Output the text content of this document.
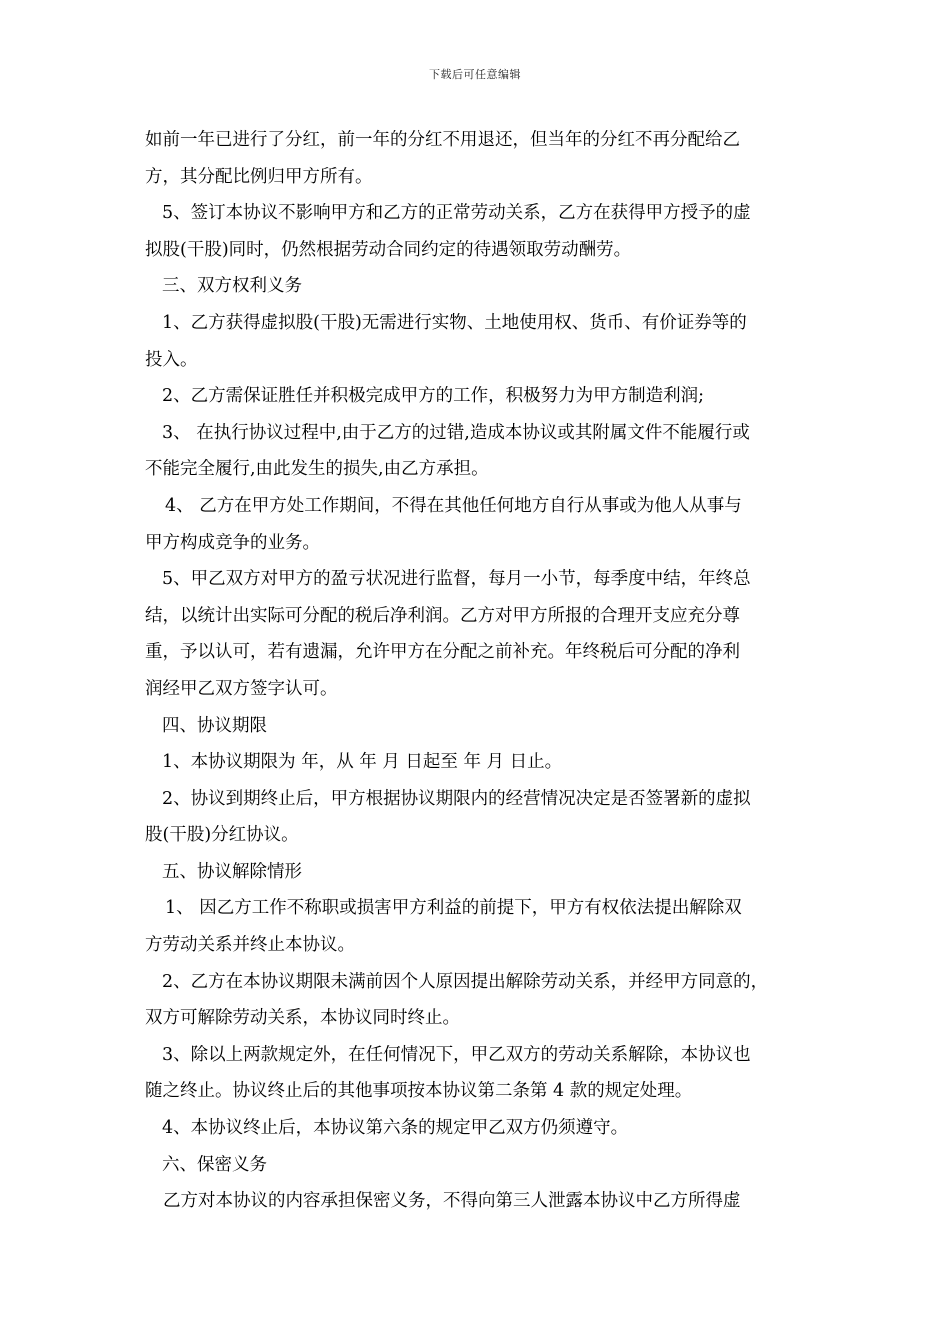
下载后可任意编辑
如前一年已进行了分红，前一年的分红不用退还，但当年的分红不再分配给乙
方，其分配比例归甲方所有。
5、签订本协议不影响甲方和乙方的正常劳动关系，乙方在获得甲方授予的虚
拟股(干股)同时，仍然根据劳动合同约定的待遇领取劳动酬劳。
三、双方权利义务
1、乙方获得虚拟股(干股)无需进行实物、土地使用权、货币、有价证券等的
投入。
2、乙方需保证胜任并积极完成甲方的工作，积极努力为甲方制造利润;
3、 在执行协议过程中,由于乙方的过错,造成本协议或其附属文件不能履行或
不能完全履行,由此发生的损失,由乙方承担。
4、 乙方在甲方处工作期间，不得在其他任何地方自行从事或为他人从事与
甲方构成竞争的业务。
5、甲乙双方对甲方的盈亏状况进行监督，每月一小节，每季度中结，年终总
结，以统计出实际可分配的税后净利润。乙方对甲方所报的合理开支应充分尊
重，予以认可，若有遗漏，允许甲方在分配之前补充。年终税后可分配的净利
润经甲乙双方签字认可。
四、协议期限
1、本协议期限为 年，从 年 月 日起至 年 月 日止。
2、协议到期终止后，甲方根据协议期限内的经营情况决定是否签署新的虚拟
股(干股)分红协议。
五、协议解除情形
1、 因乙方工作不称职或损害甲方利益的前提下，甲方有权依法提出解除双
方劳动关系并终止本协议。
2、乙方在本协议期限未满前因个人原因提出解除劳动关系，并经甲方同意的，
双方可解除劳动关系，本协议同时终止。
3、除以上两款规定外，在任何情况下，甲乙双方的劳动关系解除，本协议也
随之终止。协议终止后的其他事项按本协议第二条第 4 款的规定处理。
4、本协议终止后，本协议第六条的规定甲乙双方仍须遵守。
六、保密义务
乙方对本协议的内容承担保密义务，不得向第三人泄露本协议中乙方所得虚
